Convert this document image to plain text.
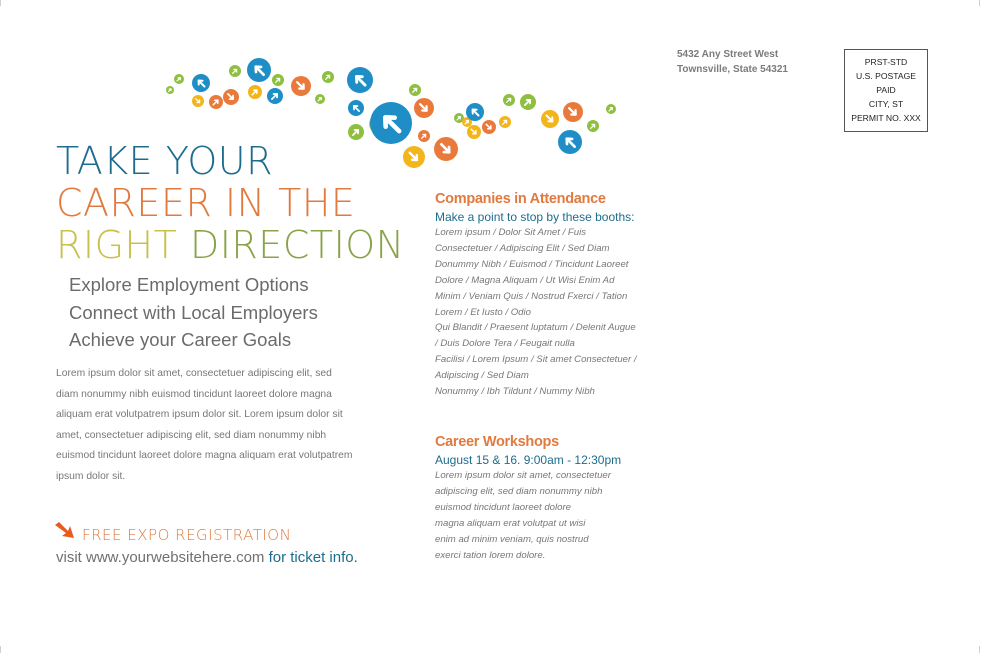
TAKE YOUR
CAREER IN THE
RIGHT DIRECTION
Explore Employment Options
Connect with Local Employers
Achieve your Career Goals
Lorem ipsum dolor sit amet, consectetuer adipiscing elit, sed
diam nonummy nibh euismod tincidunt laoreet dolore magna
aliquam erat volutpatrem ipsum dolor sit. Lorem ipsum dolor sit
amet, consectetuer adipiscing elit, sed diam nonummy nibh
euismod tincidunt laoreet dolore magna aliquam erat volutpatrem
ipsum dolor sit.
FREE EXPO REGISTRATION
visit www.yourwebsitehere.com for ticket info.
Companies in Attendance
Make a point to stop by these booths:
Lorem ipsum / Dolor Sit Amet / Fuis
Consectetuer / Adipiscing Elit / Sed Diam
Donummy Nibh / Euismod / Tincidunt Laoreet
Dolore / Magna Aliquam / Ut Wisi Enim Ad
Minim / Veniam Quis / Nostrud Fxerci / Tation
Lorem / Et Iusto / Odio
Qui Blandit / Praesent luptatum / Delenit Augue
/ Duis Dolore Tera / Feugait nulla
Facilisi / Lorem Ipsum / Sit amet Consectetuer /
Adipiscing / Sed Diam
Nonummy / Ibh Tildunt / Nummy Nibh
Career Workshops
August 15 & 16. 9:00am - 12:30pm
Lorem ipsum dolor sit amet, consectetuer
adipiscing elit, sed diam nonummy nibh
euismod tincidunt laoreet dolore
magna aliquam erat volutpat ut wisi
enim ad minim veniam, quis nostrud
exerci tation lorem dolore.
5432 Any Street West
Townsville, State 54321
PRST-STD
U.S. POSTAGE
PAID
CITY, ST
PERMIT NO. XXX
